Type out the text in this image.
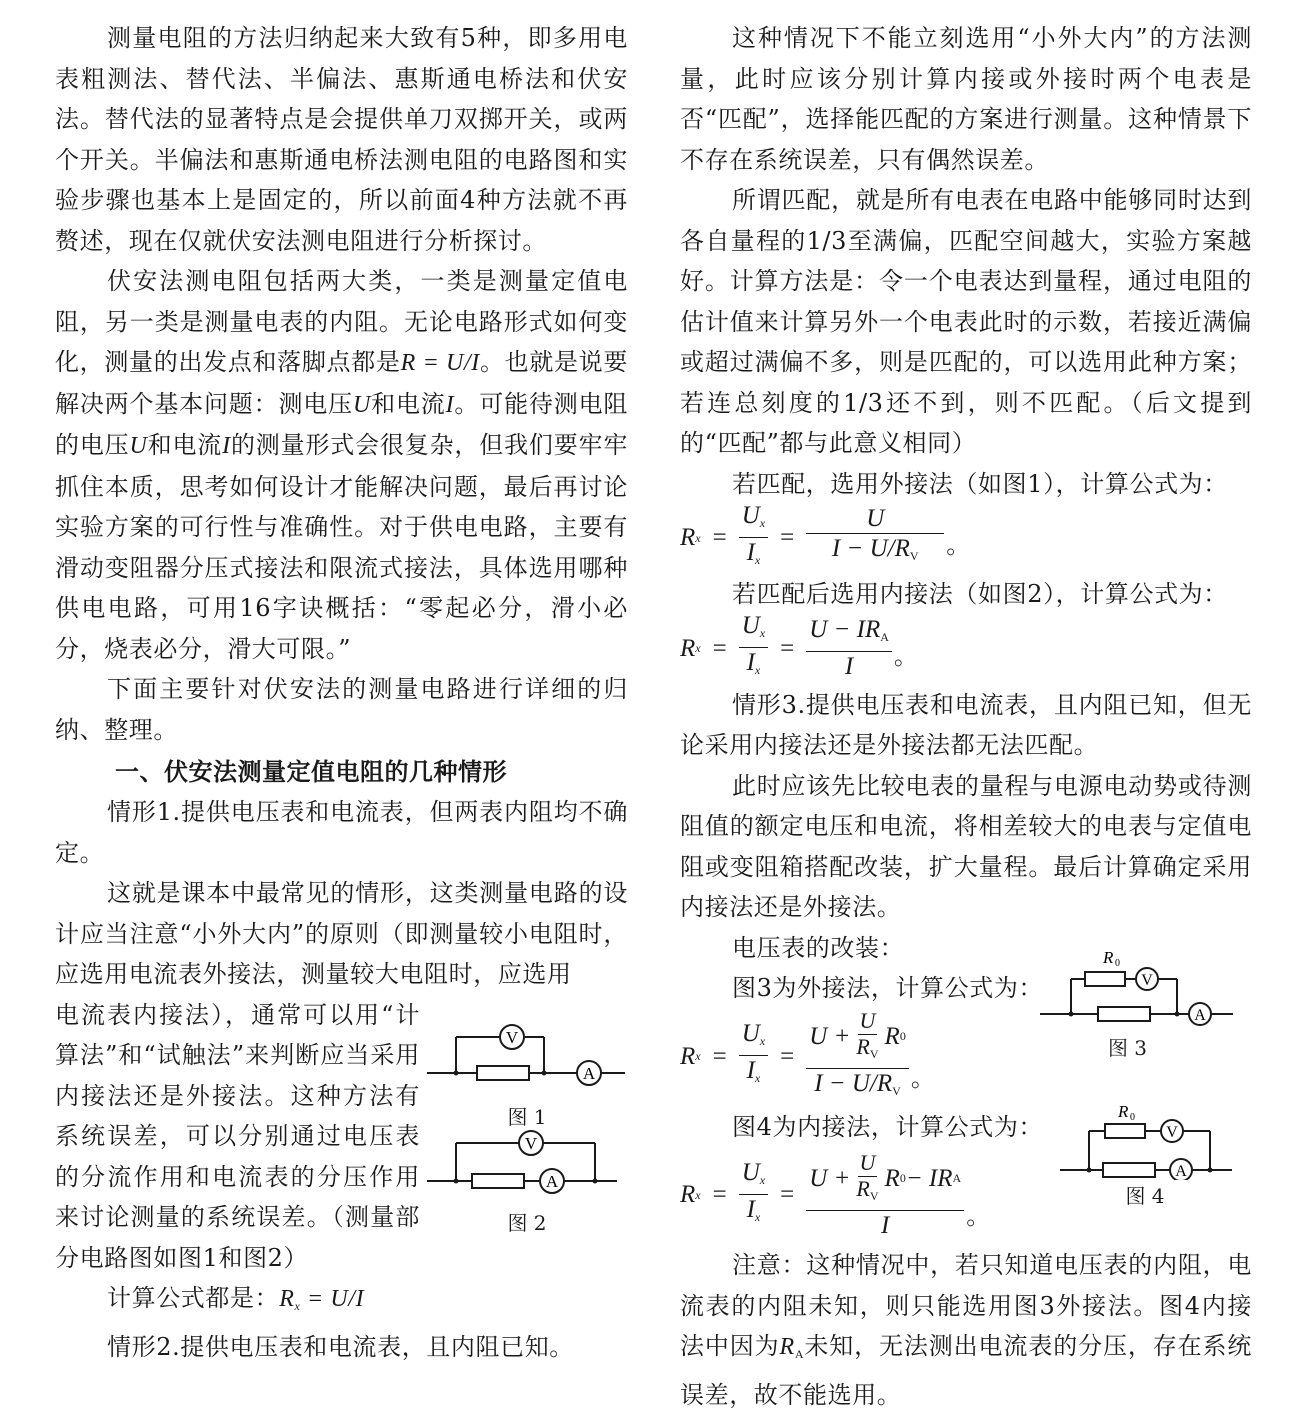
测量电阻的方法归纳起来大致有5种，即多用电表粗测法、替代法、半偏法、惠斯通电桥法和伏安法。替代法的显著特点是会提供单刀双掷开关，或两个开关。半偏法和惠斯通电桥法测电阻的电路图和实验步骤也基本上是固定的，所以前面4种方法就不再赘述，现在仅就伏安法测电阻进行分析探讨。

伏安法测电阻包括两大类，一类是测量定值电阻，另一类是测量电表的内阻。无论电路形式如何变化，测量的出发点和落脚点都是R = U/I。也就是说要解决两个基本问题：测电压U和电流I。可能待测电阻的电压U和电流I的测量形式会很复杂，但我们要牢牢抓住本质，思考如何设计才能解决问题，最后再讨论实验方案的可行性与准确性。对于供电电路，主要有滑动变阻器分压式接法和限流式接法，具体选用哪种供电电路，可用16字诀概括：“零起必分，滑小必分，烧表必分，滑大可限。”

下面主要针对伏安法的测量电路进行详细的归纳、整理。

一、伏安法测量定值电阻的几种情形

情形1.提供电压表和电流表，但两表内阻均不确定。

这就是课本中最常见的情形，这类测量电路的设计应当注意“小外大内”的原则（即测量较小电阻时，应选用电流表外接法，测量较大电阻时，应选用

电流表内接法），通常可以用“计算法”和“试触法”来判断应当采用内接法还是外接法。这种方法有系统误差，可以分别通过电压表的分流作用和电流表的分压作用来讨论测量的系统误差。（测量部分电路图如图1和图2）

V
A
图 1
V
A
图 2

计算公式都是：$R_x = U/I$

情形2.提供电压表和电流表，且内阻已知。

这种情况下不能立刻选用“小外大内”的方法测量，此时应该分别计算内接或外接时两个电表是否“匹配”，选择能匹配的方案进行测量。这种情景下不存在系统误差，只有偶然误差。

所谓匹配，就是所有电表在电路中能够同时达到各自量程的1/3至满偏，匹配空间越大，实验方案越好。计算方法是：令一个电表达到量程，通过电阻的估计值来计算另外一个电表此时的示数，若接近满偏或超过满偏不多，则是匹配的，可以选用此种方案；若连总刻度的1/3还不到，则不匹配。（后文提到的“匹配”都与此意义相同）

若匹配，选用外接法（如图1），计算公式为：

R $x = \frac{U_x}{I_x} = \frac{U}{I - U/R_V}$ 。

若匹配后选用内接法（如图2），计算公式为：

R $x = \frac{U_x}{I_x} = \frac{U - IR_A}{I}$ 。

情形3.提供电压表和电流表，且内阻已知，但无论采用内接法还是外接法都无法匹配。

此时应该先比较电表的量程与电源电动势或待测阻值的额定电压和电流，将相差较大的电表与定值电阻或变阻箱搭配改装，扩大量程。最后计算确定采用内接法还是外接法。

电压表的改装：

图3为外接法，计算公式为：

R $x = \frac{U_x}{I_x} = \frac{U + \frac{U}{R_V} R 0}{I - U/R_V}$ 。

图4为内接法，计算公式为：

R $x = \frac{U_x}{I_x}$ =
$U + \frac{U}{R_V}$ R 0 − IR A
I	。

注意：这种情况中，若只知道电压表的内阻，电流表的内阻未知，则只能选用图3外接法。图4内接法中因为$R_A$未知，无法测出电流表的分压，存在系统误差，故不能选用。

R 0
V
A
图 3
R 0
V
A
图 4
